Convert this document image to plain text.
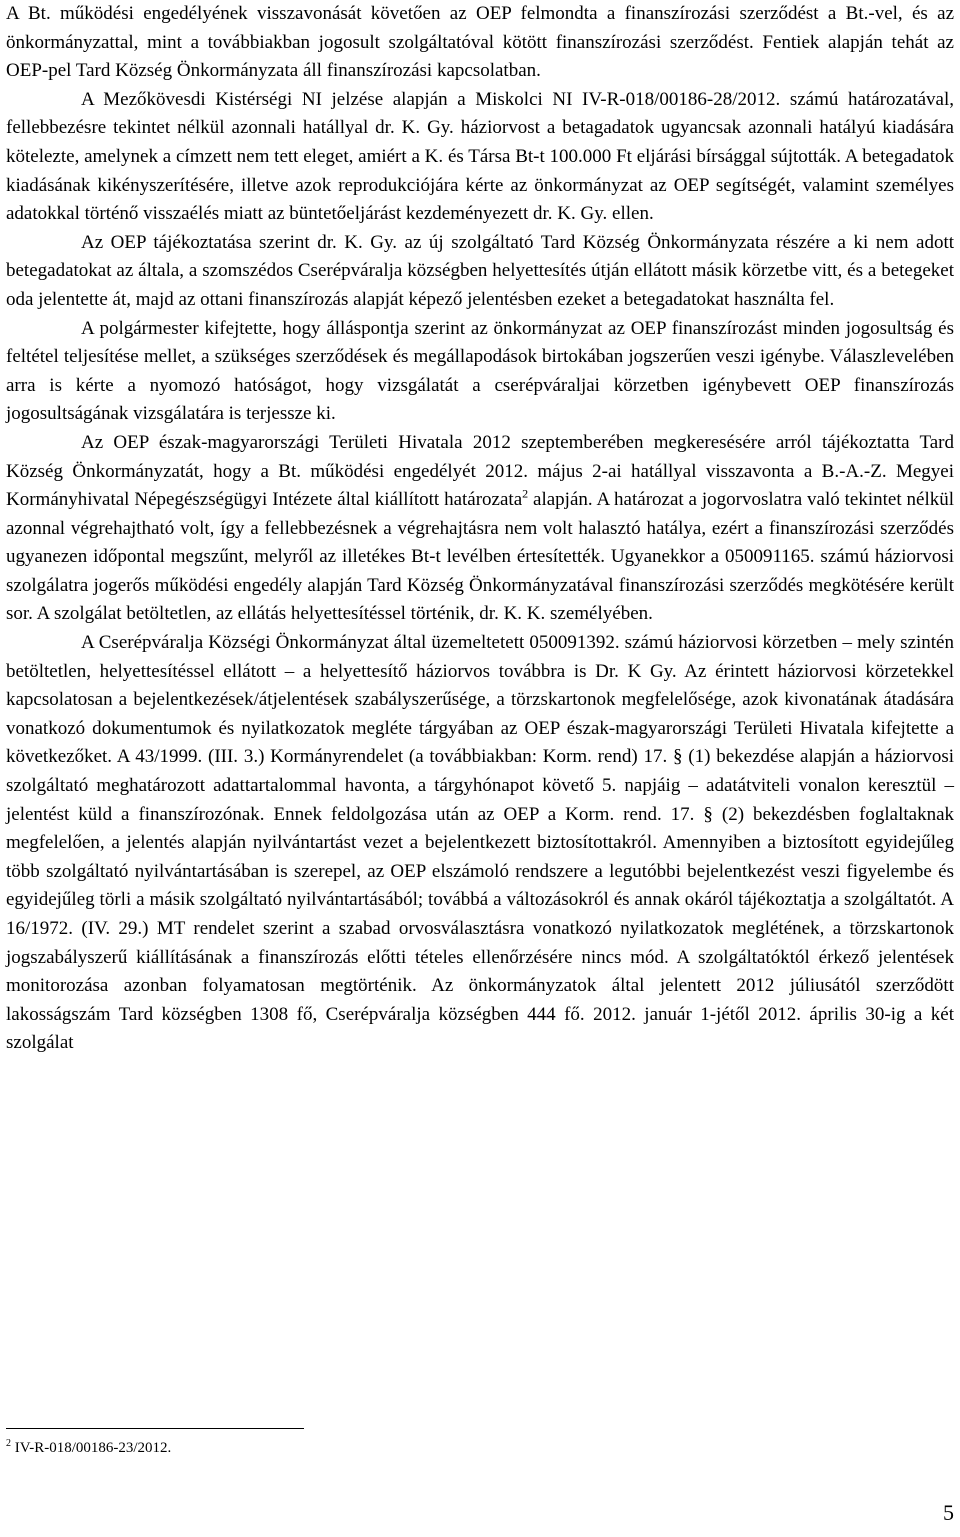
A Bt. működési engedélyének visszavonását követően az OEP felmondta a finanszírozási szerződést a Bt.-vel, és az önkormányzattal, mint a továbbiakban jogosult szolgáltatóval kötött finanszírozási szerződést. Fentiek alapján tehát az OEP-pel Tard Község Önkormányzata áll finanszírozási kapcsolatban.

A Mezőkövesdi Kistérségi NI jelzése alapján a Miskolci NI IV-R-018/00186-28/2012. számú határozatával, fellebbezésre tekintet nélkül azonnali hatállyal dr. K. Gy. háziorvost a betagadatok ugyancsak azonnali hatályú kiadására kötelezte, amelynek a címzett nem tett eleget, amiért a K. és Társa Bt-t 100.000 Ft eljárási bírsággal sújtották. A betegadatok kiadásának kikényszerítésére, illetve azok reprodukciójára kérte az önkormányzat az OEP segítségét, valamint személyes adatokkal történő visszaélés miatt az büntetőeljárást kezdeményezett dr. K. Gy. ellen.

Az OEP tájékoztatása szerint dr. K. Gy. az új szolgáltató Tard Község Önkormányzata részére a ki nem adott betegadatokat az általa, a szomszédos Cserépváralja községben helyettesítés útján ellátott másik körzetbe vitt, és a betegeket oda jelentette át, majd az ottani finanszírozás alapját képező jelentésben ezeket a betegadatokat használta fel.

A polgármester kifejtette, hogy álláspontja szerint az önkormányzat az OEP finanszírozást minden jogosultság és feltétel teljesítése mellet, a szükséges szerződések és megállapodások birtokában jogszerűen veszi igénybe. Válaszlevelében arra is kérte a nyomozó hatóságot, hogy vizsgálatát a cserépváraljai körzetben igénybevett OEP finanszírozás jogosultságának vizsgálatára is terjessze ki.

Az OEP észak-magyarországi Területi Hivatala 2012 szeptemberében megkeresésére arról tájékoztatta Tard Község Önkormányzatát, hogy a Bt. működési engedélyét 2012. május 2-ai hatállyal visszavonta a B.-A.-Z. Megyei Kormányhivatal Népegészségügyi Intézete által kiállított határozata$^2$ alapján. A határozat a jogorvoslatra való tekintet nélkül azonnal végrehajtható volt, így a fellebbezésnek a végrehajtásra nem volt halasztó hatálya, ezért a finanszírozási szerződés ugyanezen időpontal megszűnt, melyről az illetékes Bt-t levélben értesítették. Ugyanekkor a 050091165. számú háziorvosi szolgálatra jogerős működési engedély alapján Tard Község Önkormányzatával finanszírozási szerződés megkötésére került sor. A szolgálat betöltetlen, az ellátás helyettesítéssel történik, dr. K. K. személyében.

A Cserépváralja Községi Önkormányzat által üzemeltetett 050091392. számú háziorvosi körzetben – mely szintén betöltetlen, helyettesítéssel ellátott – a helyettesítő háziorvos továbbra is Dr. K Gy. Az érintett háziorvosi körzetekkel kapcsolatosan a bejelentkezések/átjelentések szabályszerűsége, a törzskartonok megfelelősége, azok kivonatának átadására vonatkozó dokumentumok és nyilatkozatok megléte tárgyában az OEP észak-magyarországi Területi Hivatala kifejtette a következőket. A 43/1999. (III. 3.) Kormányrendelet (a továbbiakban: Korm. rend) 17. § (1) bekezdése alapján a háziorvosi szolgáltató meghatározott adattartalommal havonta, a tárgyhónapot követő 5. napjáig – adatátviteli vonalon keresztül – jelentést küld a finanszírozónak. Ennek feldolgozása után az OEP a Korm. rend. 17. § (2) bekezdésben foglaltaknak megfelelően, a jelentés alapján nyilvántartást vezet a bejelentkezett biztosítottakról. Amennyiben a biztosított egyidejűleg több szolgáltató nyilvántartásában is szerepel, az OEP elszámoló rendszere a legutóbbi bejelentkezést veszi figyelembe és egyidejűleg törli a másik szolgáltató nyilvántartásából; továbbá a változásokról és annak okáról tájékoztatja a szolgáltatót. A 16/1972. (IV. 29.) MT rendelet szerint a szabad orvosválasztásra vonatkozó nyilatkozatok meglétének, a törzskartonok jogszabályszerű kiállításának a finanszírozás előtti tételes ellenőrzésére nincs mód. A szolgáltatóktól érkező jelentések monitorozása azonban folyamatosan megtörténik. Az önkormányzatok által jelentett 2012 júliusától szerződött lakosságszám Tard községben 1308 fő, Cserépváralja községben 444 fő. 2012. január 1-jétől 2012. április 30-ig a két szolgálat

$^2$ IV-R-018/00186-23/2012.
5
